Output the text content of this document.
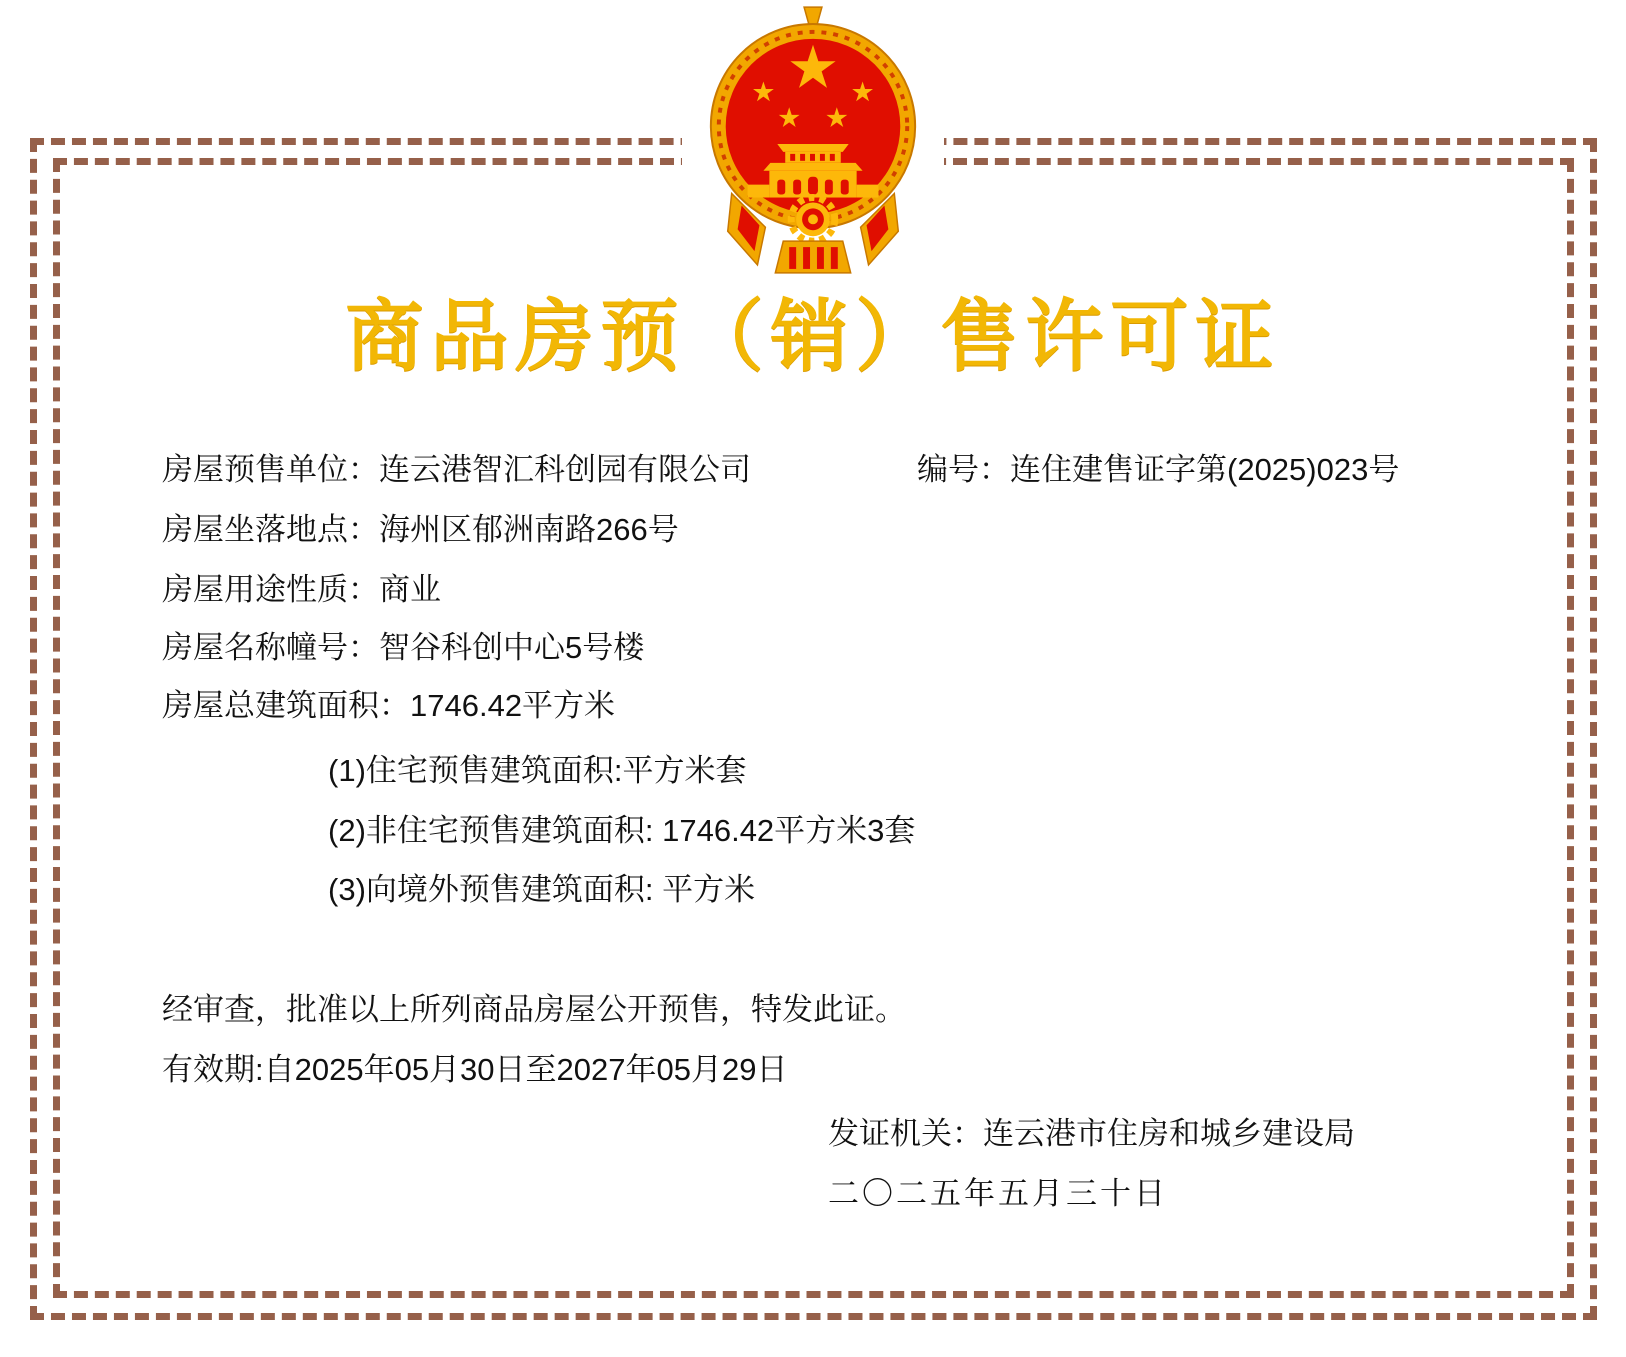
商品房预（销）售许可证
房屋预售单位：连云港智汇科创园有限公司	编号：连住建售证字第(2025)023号
房屋坐落地点：海州区郁洲南路266号
房屋用途性质：商业
房屋名称幢号：智谷科创中心5号楼
房屋总建筑面积：1746.42平方米
(1)住宅预售建筑面积:平方米套
(2)非住宅预售建筑面积: 1746.42平方米3套
(3)向境外预售建筑面积: 平方米
经审查，批准以上所列商品房屋公开预售，特发此证。
有效期:自2025年05月30日至2027年05月29日
发证机关：连云港市住房和城乡建设局
二〇二五年五月三十日
